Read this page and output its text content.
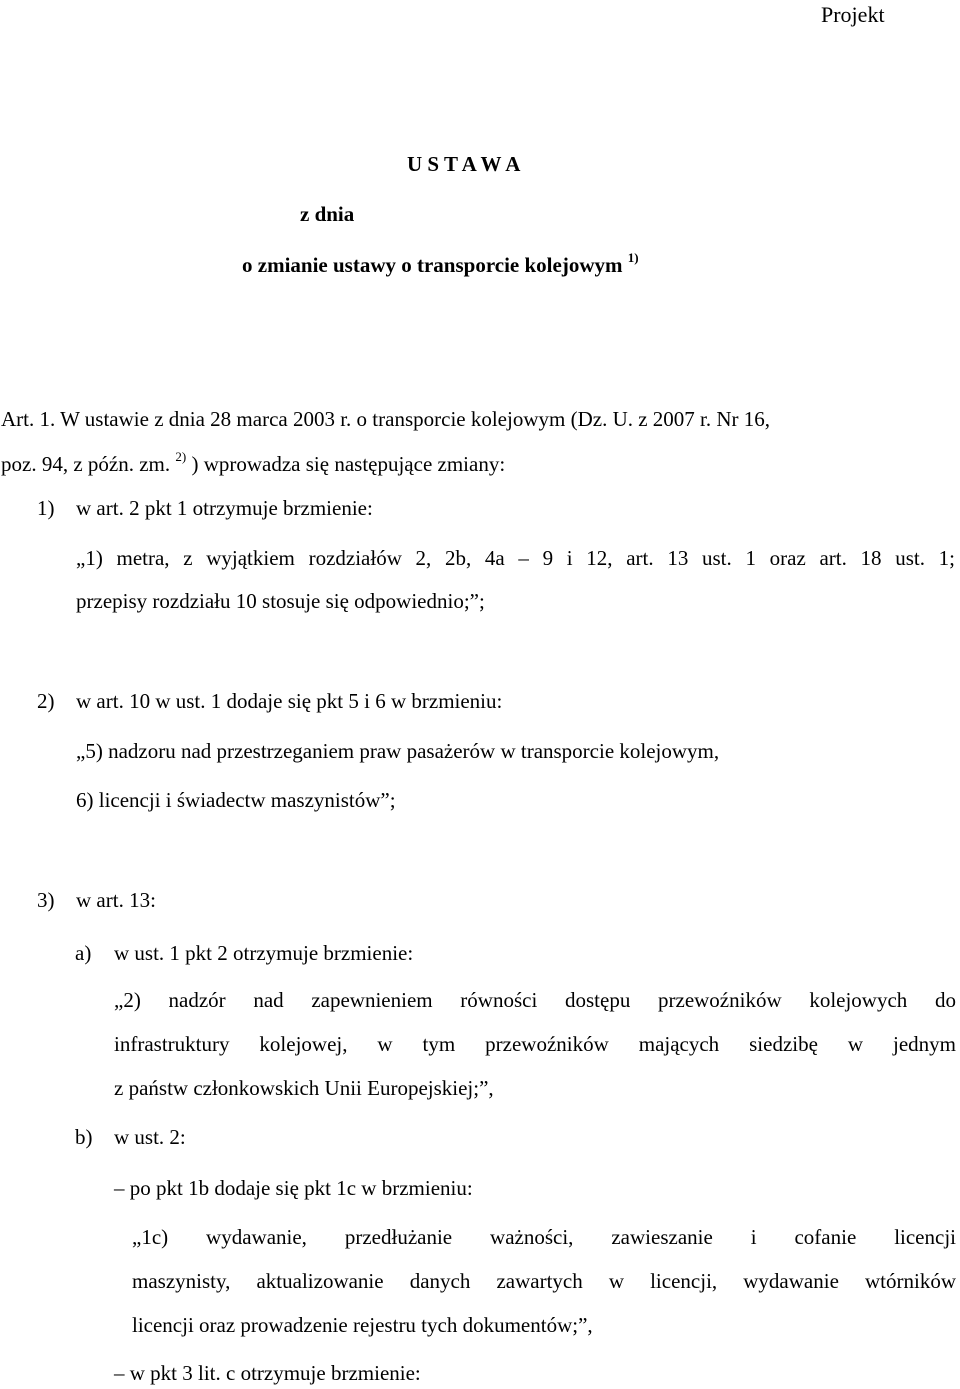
Projekt
U S T A W A
z dnia
o zmianie ustawy o transporcie kolejowym $^{1)}$
Art. 1. W ustawie z dnia 28 marca 2003 r. o transporcie kolejowym (Dz. U. z 2007 r. Nr 16,
poz. 94, z późn. zm. $^{2)}$ ) wprowadza się następujące zmiany:
1) w art. 2 pkt 1 otrzymuje brzmienie:
„1) metra, z wyjątkiem rozdziałów 2, 2b, 4a – 9 i 12, art. 13 ust. 1 oraz art. 18 ust. 1;
przepisy rozdziału 10 stosuje się odpowiednio;”;
2) w art. 10 w ust. 1 dodaje się pkt 5 i 6 w brzmieniu:
„5) nadzoru nad przestrzeganiem praw pasażerów w transporcie kolejowym,
6) licencji i świadectw maszynistów”;
3) w art. 13:
a) w ust. 1 pkt 2 otrzymuje brzmienie:
„2) nadzór nad zapewnieniem równości dostępu przewoźników kolejowych do
infrastruktury kolejowej, w tym przewoźników mających siedzibę w jednym
z państw członkowskich Unii Europejskiej;”,
b) w ust. 2:
– po pkt 1b dodaje się pkt 1c w brzmieniu:
„1c) wydawanie, przedłużanie ważności, zawieszanie i cofanie licencji
maszynisty, aktualizowanie danych zawartych w licencji, wydawanie wtórników
licencji oraz prowadzenie rejestru tych dokumentów;”,
– w pkt 3 lit. c otrzymuje brzmienie:
